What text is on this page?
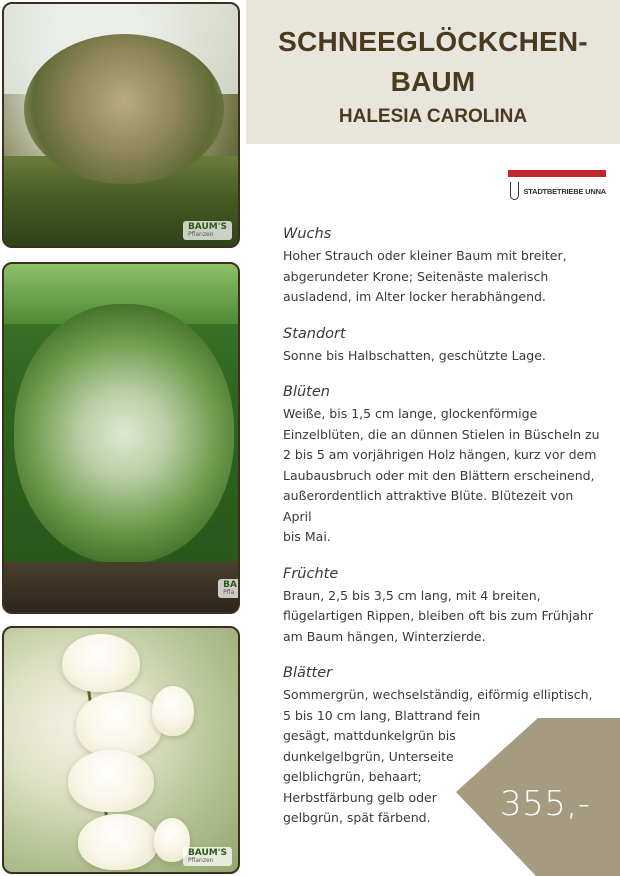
BAUM'S
Pflanzen
BA
Pfla
BAUM'S
Pflanzen
SCHNEEGLÖCKCHEN-
BAUM
HALESIA CAROLINA
STADTBETRIEBE UNNA
Wuchs
Hoher Strauch oder kleiner Baum mit breiter,
abgerundeter Krone; Seitenäste malerisch
ausladend, im Alter locker herabhängend.
Standort
Sonne bis Halbschatten, geschützte Lage.
Blüten
Weiße, bis 1,5 cm lange, glockenförmige
Einzelblüten, die an dünnen Stielen in Büscheln zu
2 bis 5 am vorjährigen Holz hängen, kurz vor dem
Laubausbruch oder mit den Blättern erscheinend,
außerordentlich attraktive Blüte. Blütezeit von April
bis Mai.
Früchte
Braun, 2,5 bis 3,5 cm lang, mit 4 breiten,
flügelartigen Rippen, bleiben oft bis zum Frühjahr
am Baum hängen, Winterzierde.
Blätter
Sommergrün, wechselständig, eiförmig elliptisch,
5 bis 10 cm lang, Blattrand fein
gesägt, mattdunkelgrün bis
dunkelgelbgrün, Unterseite
gelblichgrün, behaart;
Herbstfärbung gelb oder
gelbgrün, spät färbend.	355,-
